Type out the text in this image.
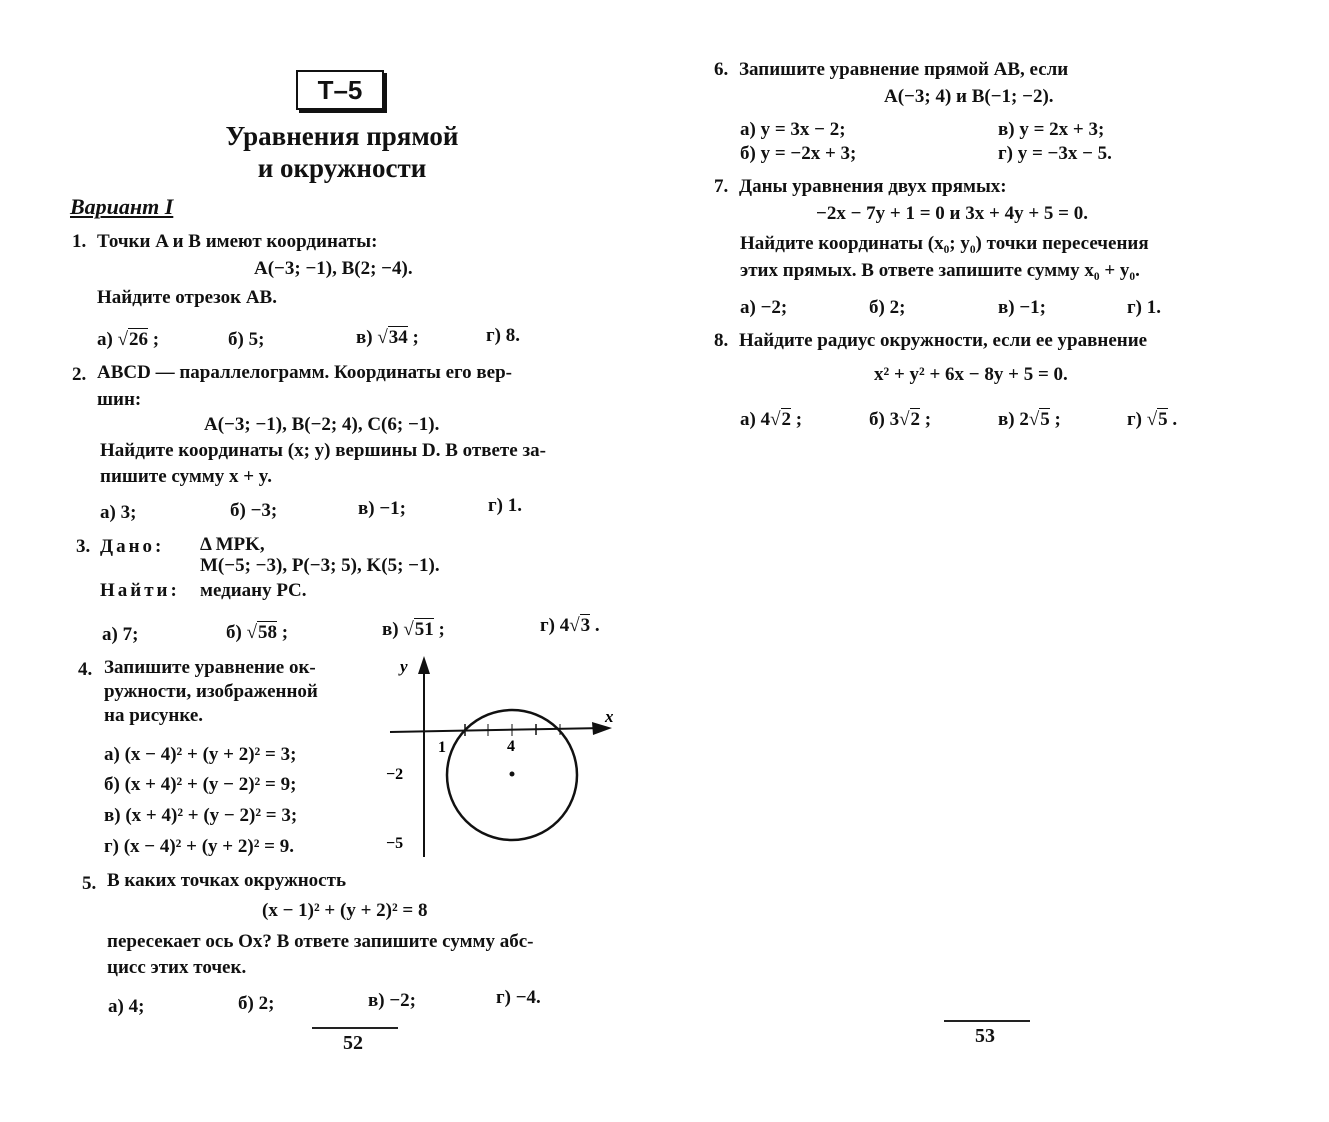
Т–5
Уравнения прямой
и окружности
Вариант I
1. Точки A и B имеют координаты:
A(−3; −1), B(2; −4).
Найдите отрезок AB.
а) √26 ;	б) 5;	в) √34 ;	г) 8.
2. ABCD — параллелограмм. Координаты его вер-
шин:
A(−3; −1), B(−2; 4), C(6; −1).
Найдите координаты (x; y) вершины D. В ответе за-
пишите сумму x + y.
а) 3;	б) −3;	в) −1;	г) 1.
3. Дано: Δ MPK,
M(−5; −3), P(−3; 5), K(5; −1).
Найти: медиану PC.
а) 7;	б) √58 ;	в) √51 ;	г) 4√3 .
4. Запишите уравнение ок-
ружности, изображенной
на рисунке.
а) (x − 4)² + (y + 2)² = 3;
б) (x + 4)² + (y − 2)² = 9;
в) (x + 4)² + (y − 2)² = 3;
г) (x − 4)² + (y + 2)² = 9.
y
x
1	4
−2
−5
5. В каких точках окружность
(x − 1)² + (y + 2)² = 8
пересекает ось Ox? В ответе запишите сумму абс-
цисс этих точек.
а) 4;	б) 2;	в) −2;	г) −4.
52
6. Запишите уравнение прямой AB, если
A(−3; 4) и B(−1; −2).
а) y = 3x − 2;
б) y = −2x + 3;
в) y = 2x + 3;
г) y = −3x − 5.
7. Даны уравнения двух прямых:
−2x − 7y + 1 = 0 и 3x + 4y + 5 = 0.
Найдите координаты (x₀; y₀) точки пересечения
этих прямых. В ответе запишите сумму x₀ + y₀.
а) −2;	б) 2;	в) −1;	г) 1.
8. Найдите радиус окружности, если ее уравнение
x² + y² + 6x − 8y + 5 = 0.
а) 4√2 ;	б) 3√2 ;	в) 2√5 ;	г) √5 .
53
